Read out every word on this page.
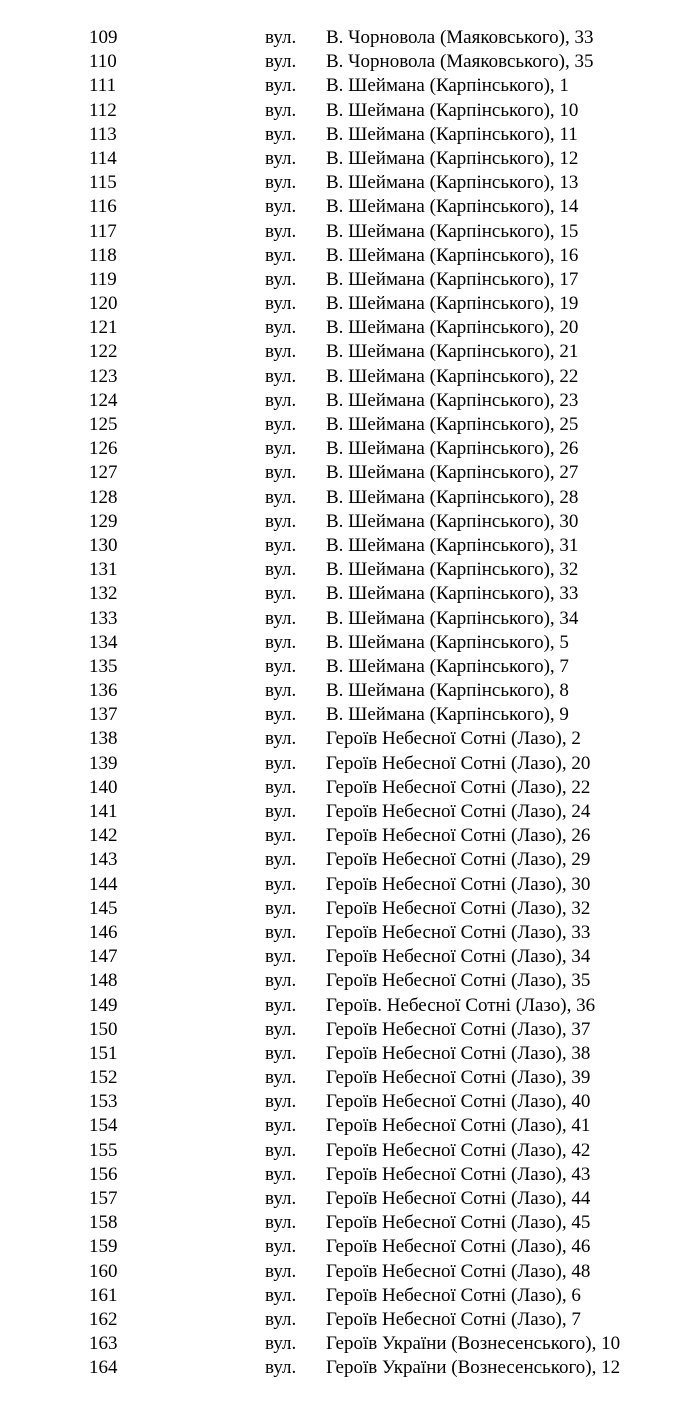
109	вул. В. Чорновола (Маяковського), 33
110	вул. В. Чорновола (Маяковського), 35
111	вул. В. Шеймана (Карпінського), 1
112	вул. В. Шеймана (Карпінського), 10
113	вул. В. Шеймана (Карпінського), 11
114	вул. В. Шеймана (Карпінського), 12
115	вул. В. Шеймана (Карпінського), 13
116	вул. В. Шеймана (Карпінського), 14
117	вул. В. Шеймана (Карпінського), 15
118	вул. В. Шеймана (Карпінського), 16
119	вул. В. Шеймана (Карпінського), 17
120	вул. В. Шеймана (Карпінського), 19
121	вул. В. Шеймана (Карпінського), 20
122	вул. В. Шеймана (Карпінського), 21
123	вул. В. Шеймана (Карпінського), 22
124	вул. В. Шеймана (Карпінського), 23
125	вул. В. Шеймана (Карпінського), 25
126	вул. В. Шеймана (Карпінського), 26
127	вул. В. Шеймана (Карпінського), 27
128	вул. В. Шеймана (Карпінського), 28
129	вул. В. Шеймана (Карпінського), 30
130	вул. В. Шеймана (Карпінського), 31
131	вул. В. Шеймана (Карпінського), 32
132	вул. В. Шеймана (Карпінського), 33
133	вул. В. Шеймана (Карпінського), 34
134	вул. В. Шеймана (Карпінського), 5
135	вул. В. Шеймана (Карпінського), 7
136	вул. В. Шеймана (Карпінського), 8
137	вул. В. Шеймана (Карпінського), 9
138	вул. Героїв Небесної Сотні (Лазо), 2
139	вул. Героїв Небесної Сотні (Лазо), 20
140	вул. Героїв Небесної Сотні (Лазо), 22
141	вул. Героїв Небесної Сотні (Лазо), 24
142	вул. Героїв Небесної Сотні (Лазо), 26
143	вул. Героїв Небесної Сотні (Лазо), 29
144	вул. Героїв Небесної Сотні (Лазо), 30
145	вул. Героїв Небесної Сотні (Лазо), 32
146	вул. Героїв Небесної Сотні (Лазо), 33
147	вул. Героїв Небесної Сотні (Лазо), 34
148	вул. Героїв Небесної Сотні (Лазо), 35
149	вул. Героїв. Небесної Сотні (Лазо), 36
150	вул. Героїв Небесної Сотні (Лазо), 37
151	вул. Героїв Небесної Сотні (Лазо), 38
152	вул. Героїв Небесної Сотні (Лазо), 39
153	вул. Героїв Небесної Сотні (Лазо), 40
154	вул. Героїв Небесної Сотні (Лазо), 41
155	вул. Героїв Небесної Сотні (Лазо), 42
156	вул. Героїв Небесної Сотні (Лазо), 43
157	вул. Героїв Небесної Сотні (Лазо), 44
158	вул. Героїв Небесної Сотні (Лазо), 45
159	вул. Героїв Небесної Сотні (Лазо), 46
160	вул. Героїв Небесної Сотні (Лазо), 48
161	вул. Героїв Небесної Сотні (Лазо), 6
162	вул. Героїв Небесної Сотні (Лазо), 7
163	вул. Героїв України (Вознесенського), 10
164	вул. Героїв України (Вознесенського), 12
